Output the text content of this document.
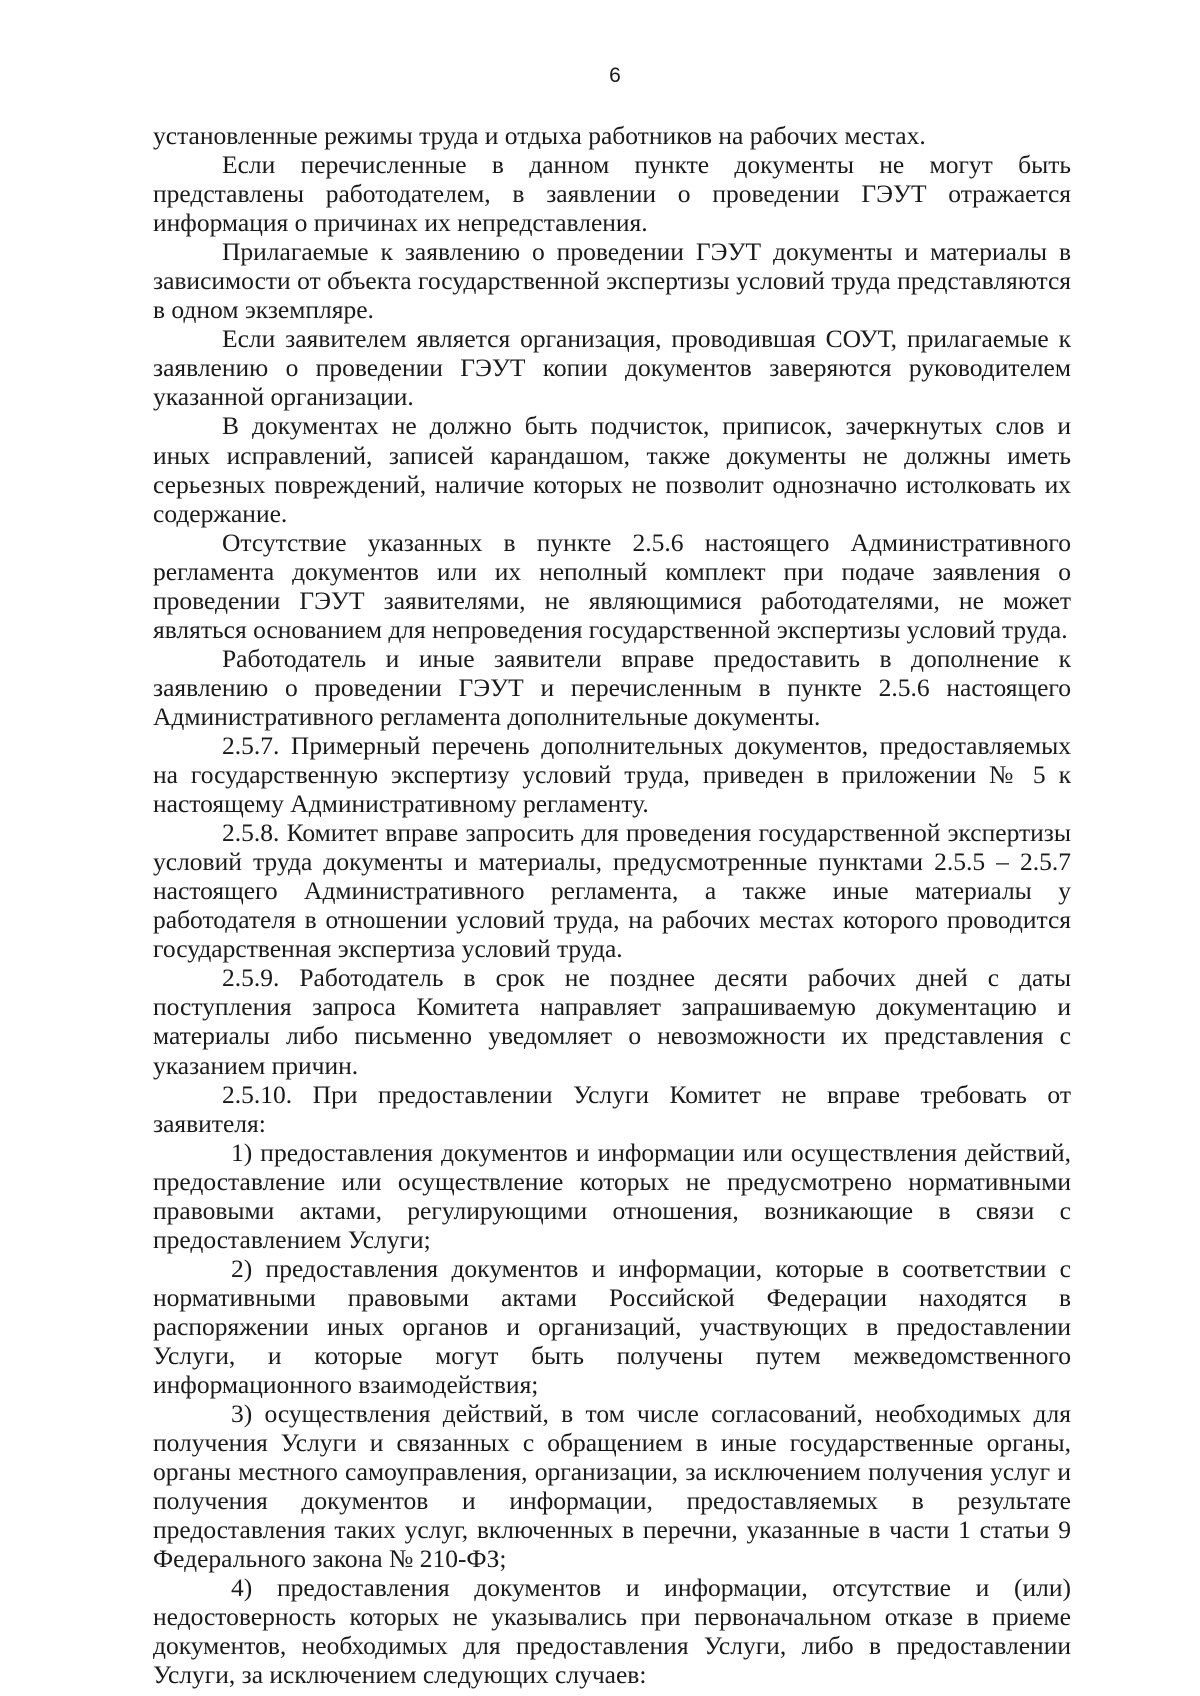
6

установленные режимы труда и отдыха работников на рабочих местах.

Если перечисленные в данном пункте документы не могут быть представлены работодателем, в заявлении о проведении ГЭУТ отражается информация о причинах их непредставления.

Прилагаемые к заявлению о проведении ГЭУТ документы и материалы в зависимости от объекта государственной экспертизы условий труда представляются в одном экземпляре.

Если заявителем является организация, проводившая СОУТ, прилагаемые к заявлению о проведении ГЭУТ копии документов заверяются руководителем указанной организации.

В документах не должно быть подчисток, приписок, зачеркнутых слов и иных исправлений, записей карандашом, также документы не должны иметь серьезных повреждений, наличие которых не позволит однозначно истолковать их содержание.

Отсутствие указанных в пункте 2.5.6 настоящего Административного регламента документов или их неполный комплект при подаче заявления о проведении ГЭУТ заявителями, не являющимися работодателями, не может являться основанием для непроведения государственной экспертизы условий труда.

Работодатель и иные заявители вправе предоставить в дополнение к заявлению о проведении ГЭУТ и перечисленным в пункте 2.5.6 настоящего Административного регламента дополнительные документы.

2.5.7. Примерный перечень дополнительных документов, предоставляемых на государственную экспертизу условий труда, приведен в приложении № 5 к настоящему Административному регламенту.

2.5.8. Комитет вправе запросить для проведения государственной экспертизы условий труда документы и материалы, предусмотренные пунктами 2.5.5 – 2.5.7 настоящего Административного регламента, а также иные материалы у работодателя в отношении условий труда, на рабочих местах которого проводится государственная экспертиза условий труда.

2.5.9. Работодатель в срок не позднее десяти рабочих дней с даты поступления запроса Комитета направляет запрашиваемую документацию и материалы либо письменно уведомляет о невозможности их представления с указанием причин.

2.5.10. При предоставлении Услуги Комитет не вправе требовать от заявителя:

1) предоставления документов и информации или осуществления действий, предоставление или осуществление которых не предусмотрено нормативными правовыми актами, регулирующими отношения, возникающие в связи с предоставлением Услуги;

2) предоставления документов и информации, которые в соответствии с нормативными правовыми актами Российской Федерации находятся в распоряжении иных органов и организаций, участвующих в предоставлении Услуги, и которые могут быть получены путем межведомственного информационного взаимодействия;

3) осуществления действий, в том числе согласований, необходимых для получения Услуги и связанных с обращением в иные государственные органы, органы местного самоуправления, организации, за исключением получения услуг и получения документов и информации, предоставляемых в результате предоставления таких услуг, включенных в перечни, указанные в части 1 статьи 9 Федерального закона № 210-ФЗ;

4) предоставления документов и информации, отсутствие и (или) недостоверность которых не указывались при первоначальном отказе в приеме документов, необходимых для предоставления Услуги, либо в предоставлении Услуги, за исключением следующих случаев:
